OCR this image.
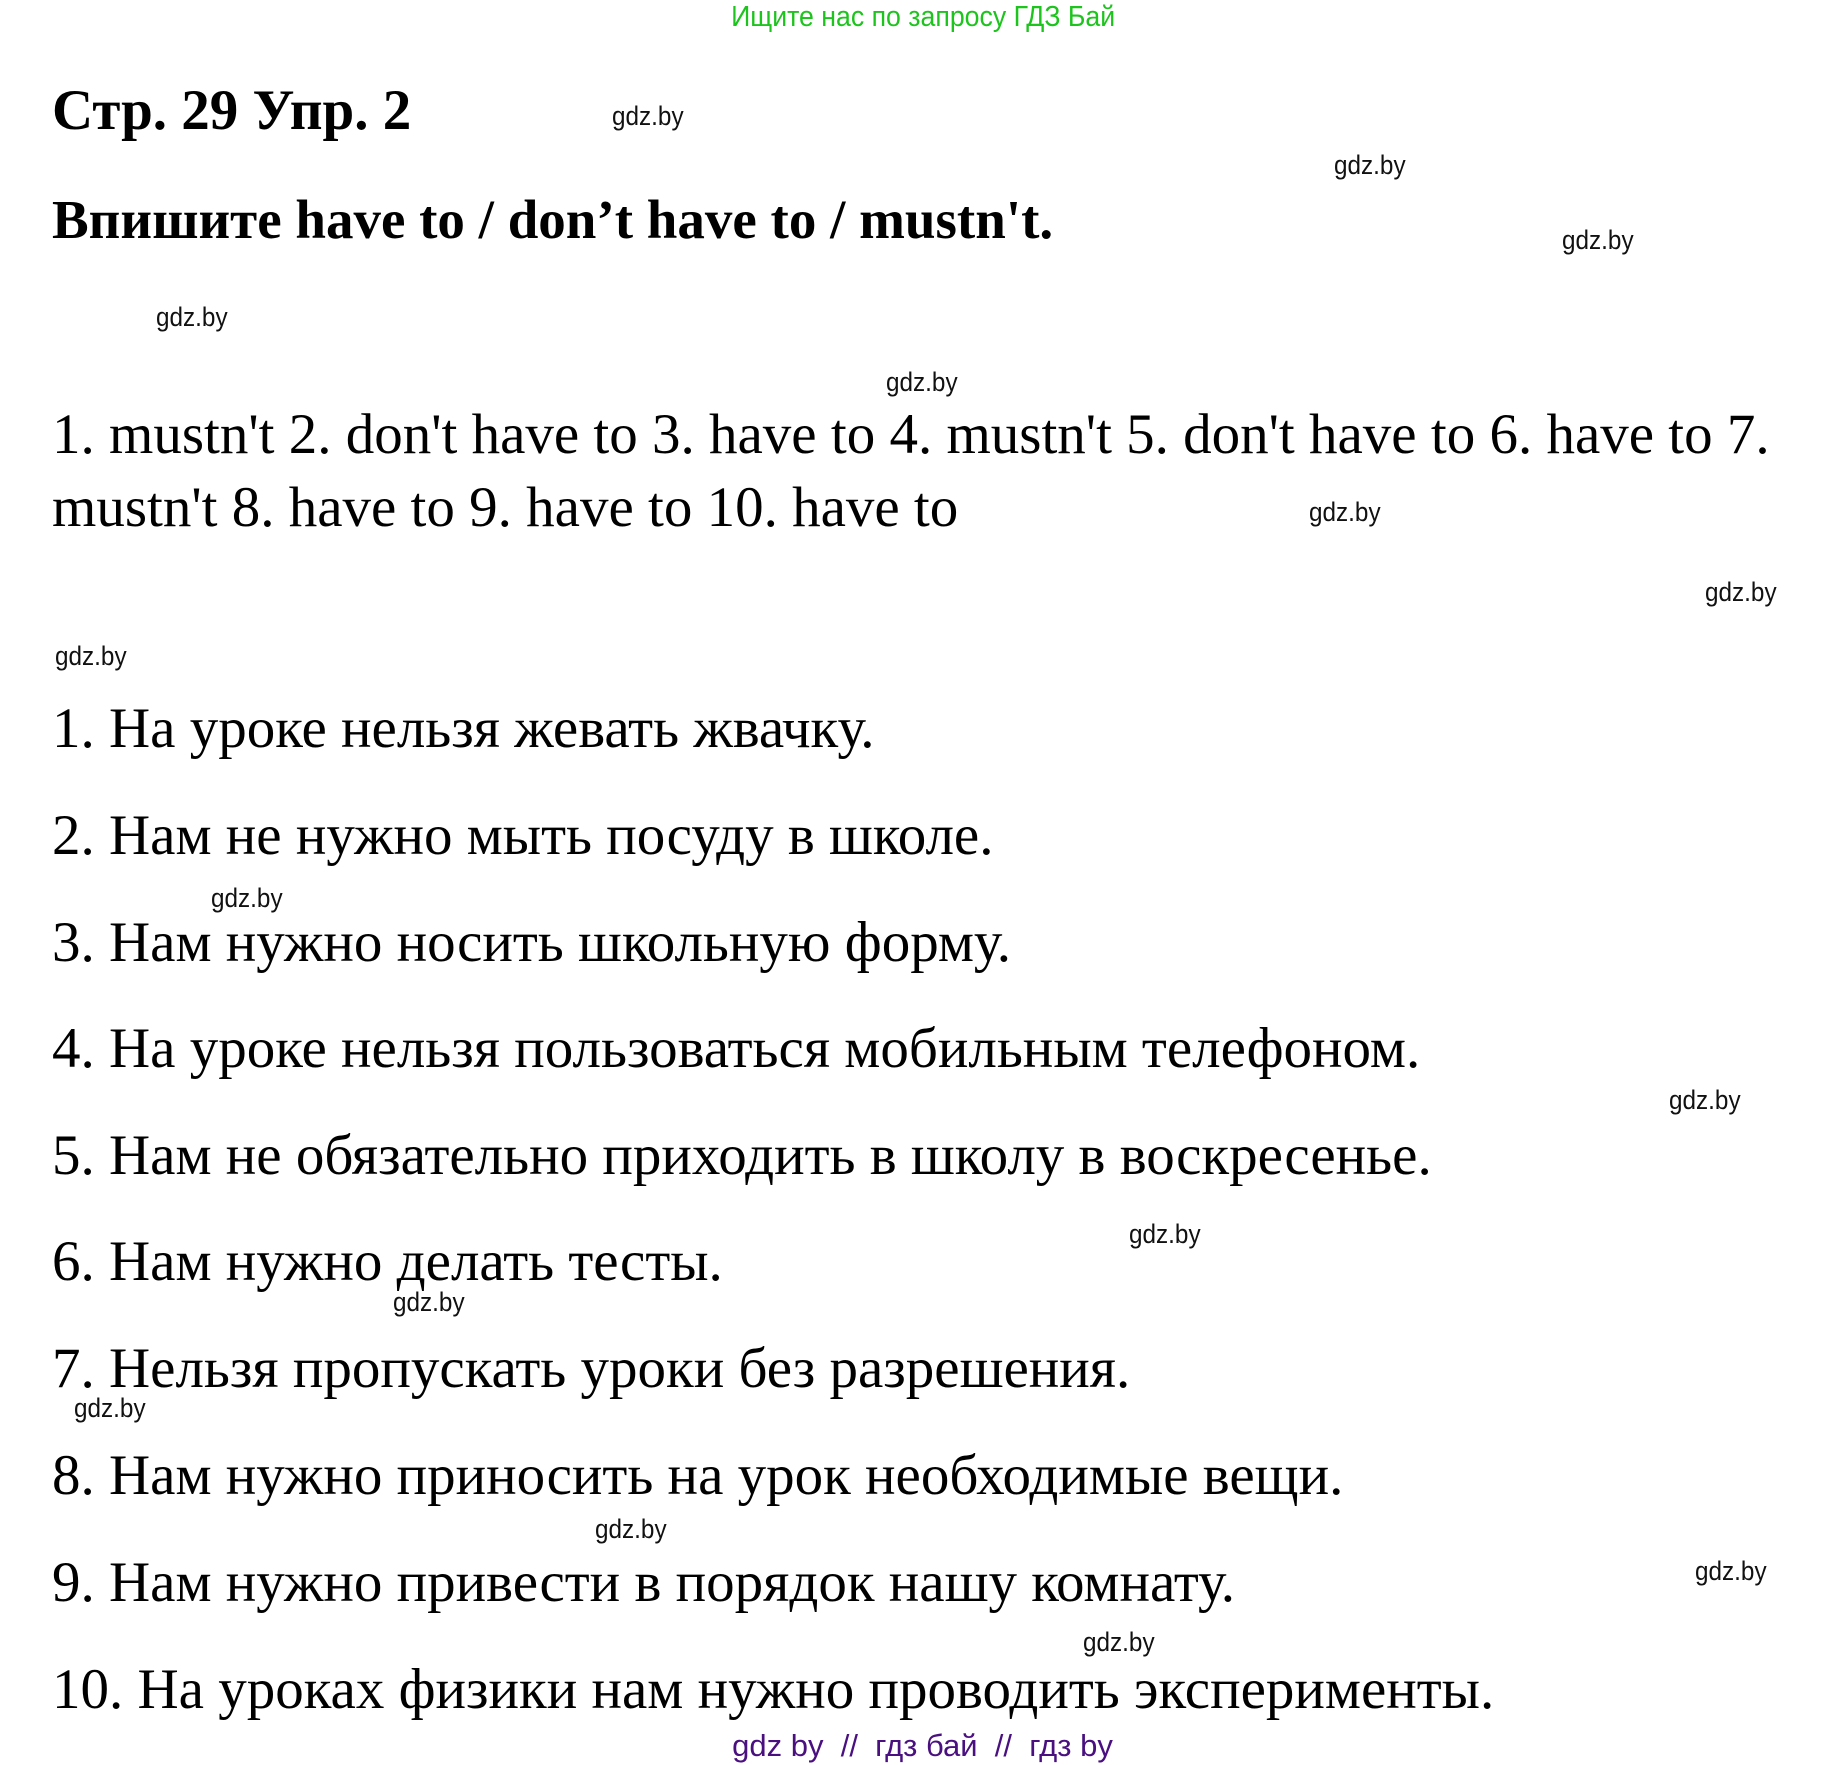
Ищите нас по запросу ГДЗ Бай
Стр. 29 Упр. 2
Впишите have to / don’t have to / mustn't.

1. mustn't 2. don't have to 3. have to 4. mustn't 5. don't have to 6. have to 7. mustn't 8. have to 9. have to 10. have to

1. На уроке нельзя жевать жвачку.
2. Нам не нужно мыть посуду в школе.
3. Нам нужно носить школьную форму.
4. На уроке нельзя пользоваться мобильным телефоном.
5. Нам не обязательно приходить в школу в воскресенье.
6. Нам нужно делать тесты.
7. Нельзя пропускать уроки без разрешения.
8. Нам нужно приносить на урок необходимые вещи.
9. Нам нужно привести в порядок нашу комнату.
10. На уроках физики нам нужно проводить эксперименты.
gdz.by
gdz.by
gdz.by
gdz.by
gdz.by
gdz.by
gdz.by
gdz.by
gdz.by
gdz.by
gdz.by
gdz.by
gdz.by
gdz.by
gdz.by
gdz.by
gdz by  //  гдз бай  //  гдз by
